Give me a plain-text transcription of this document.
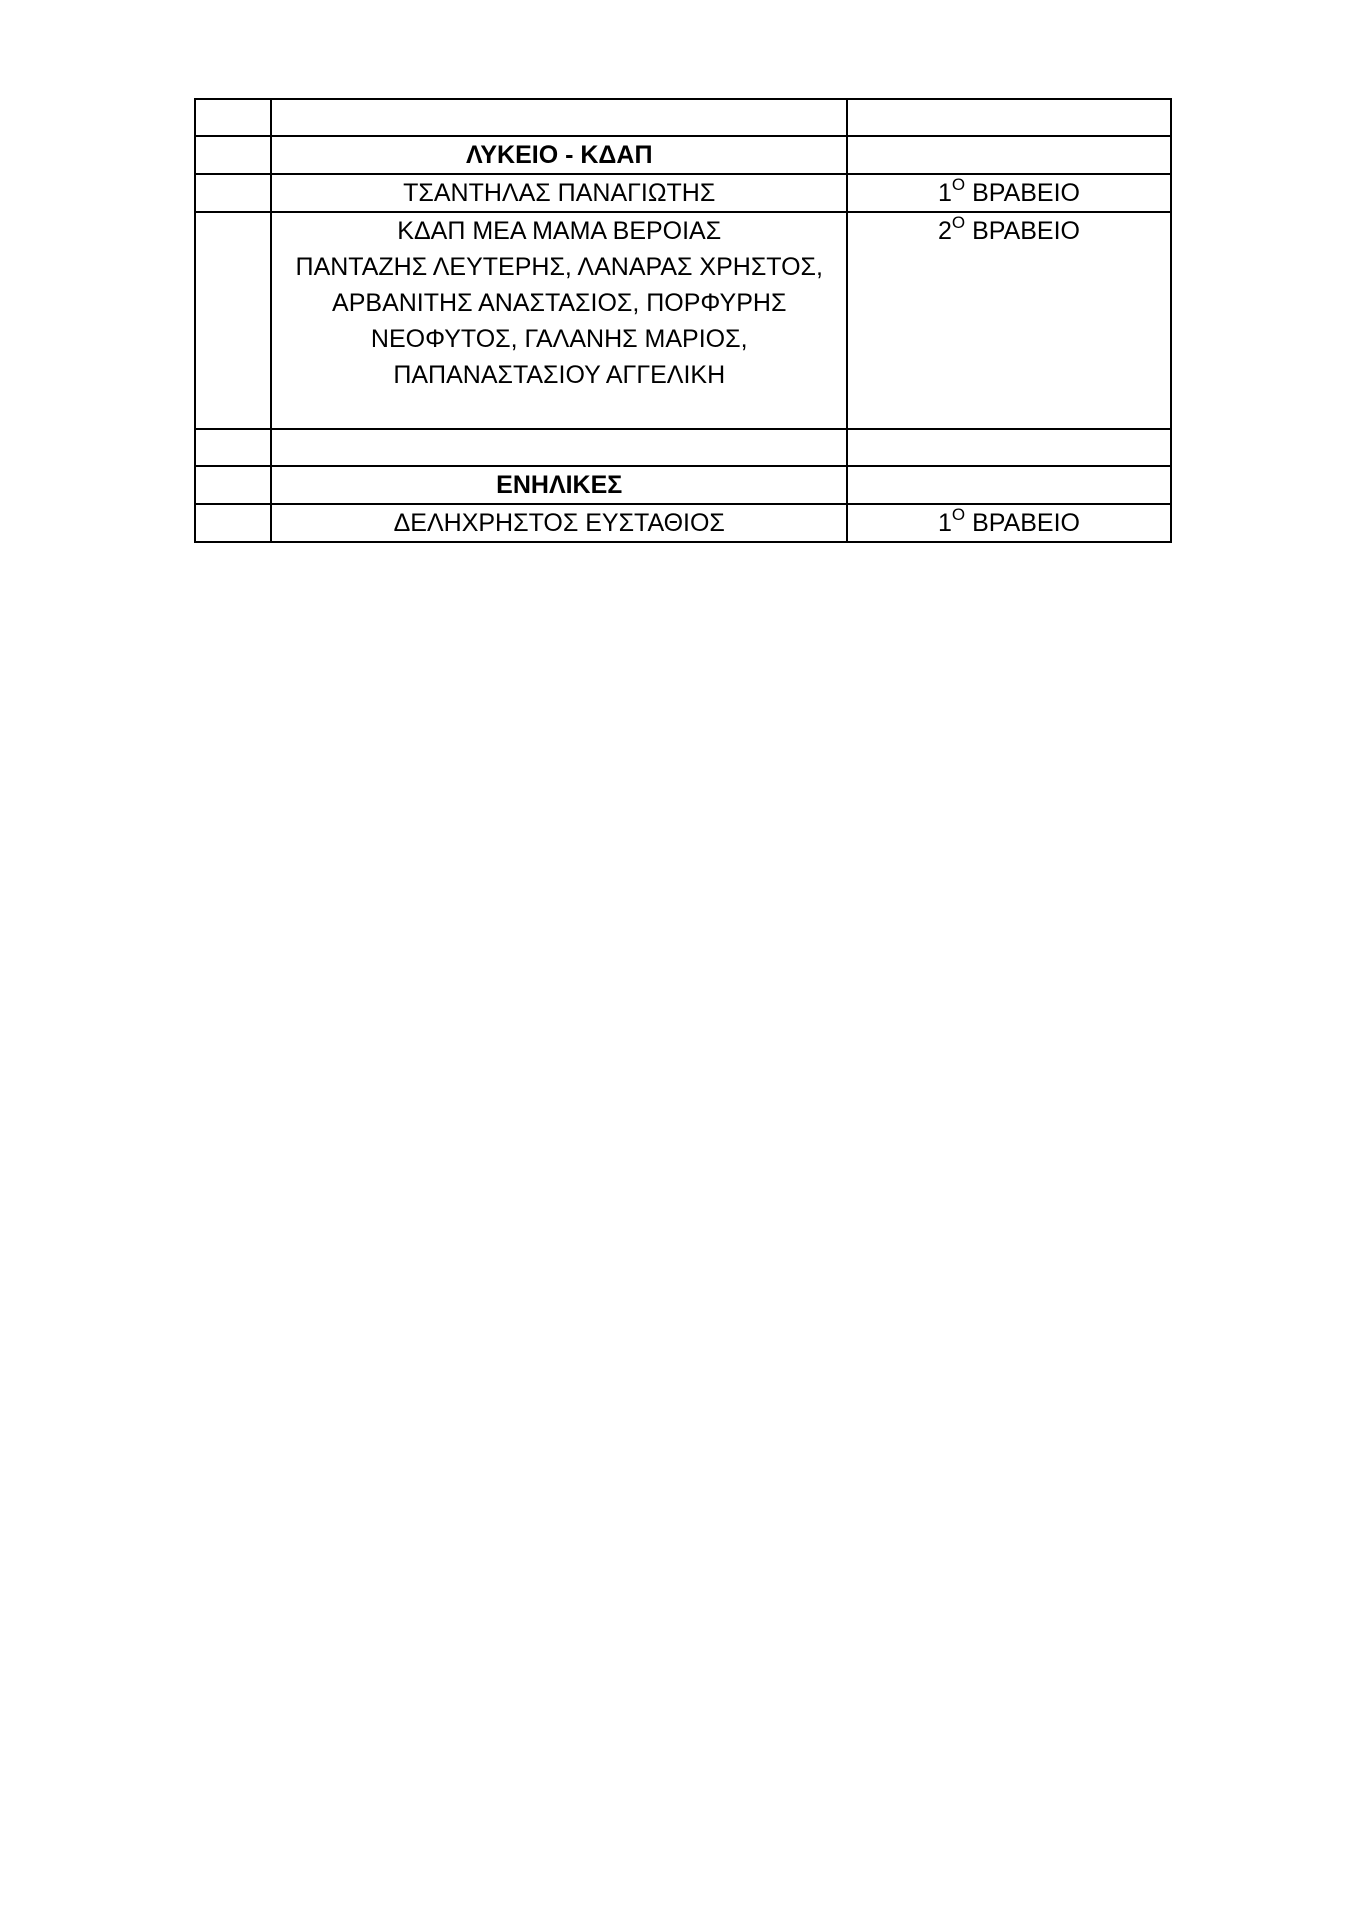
	ΛΥΚΕΙΟ - ΚΔΑΠ	
	ΤΣΑΝΤΗΛΑΣ ΠΑΝΑΓΙΩΤΗΣ	$1^O$ ΒΡΑΒΕΙΟ

	ΚΔΑΠ ΜΕΑ ΜΑΜΑ ΒΕΡΟΙΑΣ
ΠΑΝΤΑΖΗΣ ΛΕΥΤΕΡΗΣ, ΛΑΝΑΡΑΣ ΧΡΗΣΤΟΣ,
ΑΡΒΑΝΙΤΗΣ ΑΝΑΣΤΑΣΙΟΣ, ΠΟΡΦΥΡΗΣ
ΝΕΟΦΥΤΟΣ, ΓΑΛΑΝΗΣ ΜΑΡΙΟΣ,
ΠΑΠΑΝΑΣΤΑΣΙΟΥ ΑΓΓΕΛΙΚΗ	$2^O$ ΒΡΑΒΕΙΟ

	ΕΝΗΛΙΚΕΣ	
	ΔΕΛΗΧΡΗΣΤΟΣ ΕΥΣΤΑΘΙΟΣ	$1^O$ ΒΡΑΒΕΙΟ
